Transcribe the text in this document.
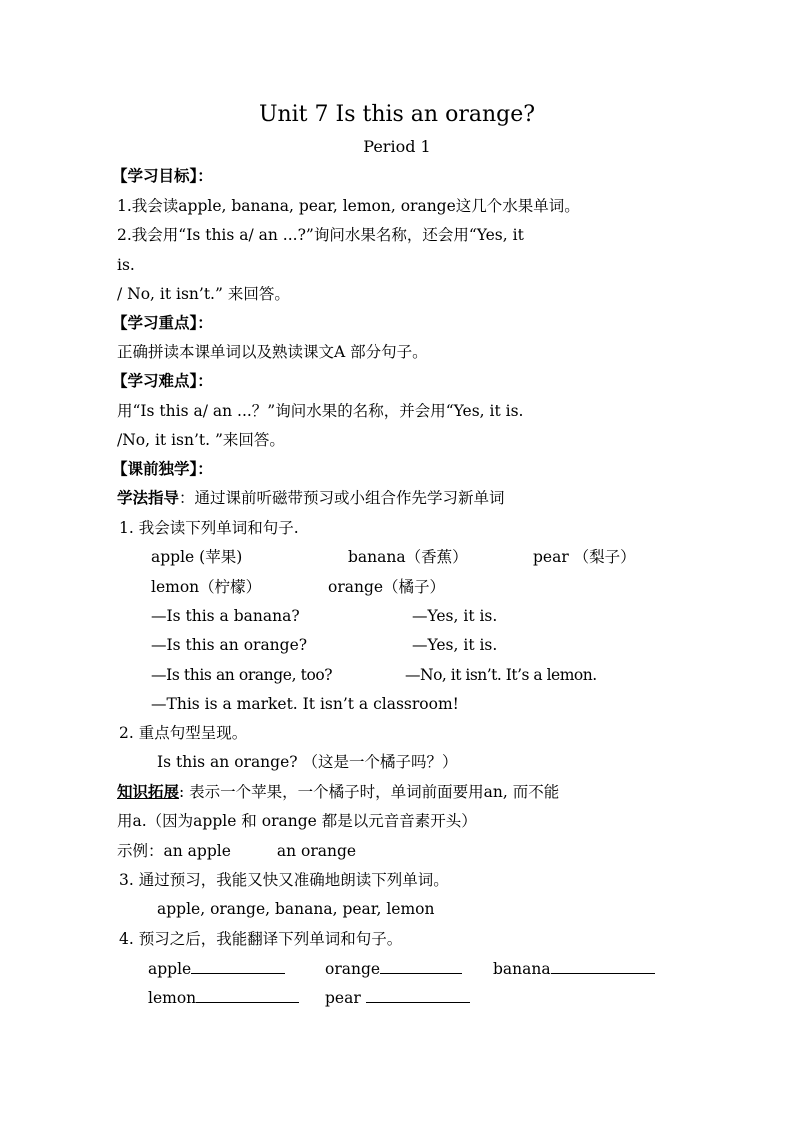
Unit 7 Is this an orange?
Period 1
【学习目标】：
1.我会读apple, banana, pear, lemon, orange这几个水果单词。
2.我会用“Is this a/ an ...?”询问水果名称，还会用“Yes, it
is.
/ No, it isn’t.” 来回答。
【学习重点】：
正确拼读本课单词以及熟读课文A 部分句子。
【学习难点】：
用“Is this a/ an ...？”询问水果的名称，并会用“Yes, it is.
/No, it isn’t. ”来回答。
【课前独学】：
学法指导：通过课前听磁带预习或小组合作先学习新单词
1. 我会读下列单词和句子.
apple (苹果)	banana（香蕉）	pear （梨子）
lemon（柠檬）	orange（橘子）
—Is this a banana?	—Yes, it is.
—Is this an orange?	—Yes, it is.
—Is this an orange, too?	—No, it isn’t. It’s a lemon.
—This is a market. It isn’t a classroom!
2. 重点句型呈现。
Is this an orange? （这是一个橘子吗？）
知识拓展: 表示一个苹果，一个橘子时，单词前面要用an, 而不能
用a.（因为apple 和 orange 都是以元音音素开头）
示例：an apple	an orange
3. 通过预习，我能又快又准确地朗读下列单词。
apple, orange, banana, pear, lemon
4. 预习之后，我能翻译下列单词和句子。
apple	orange	banana
lemon	pear
